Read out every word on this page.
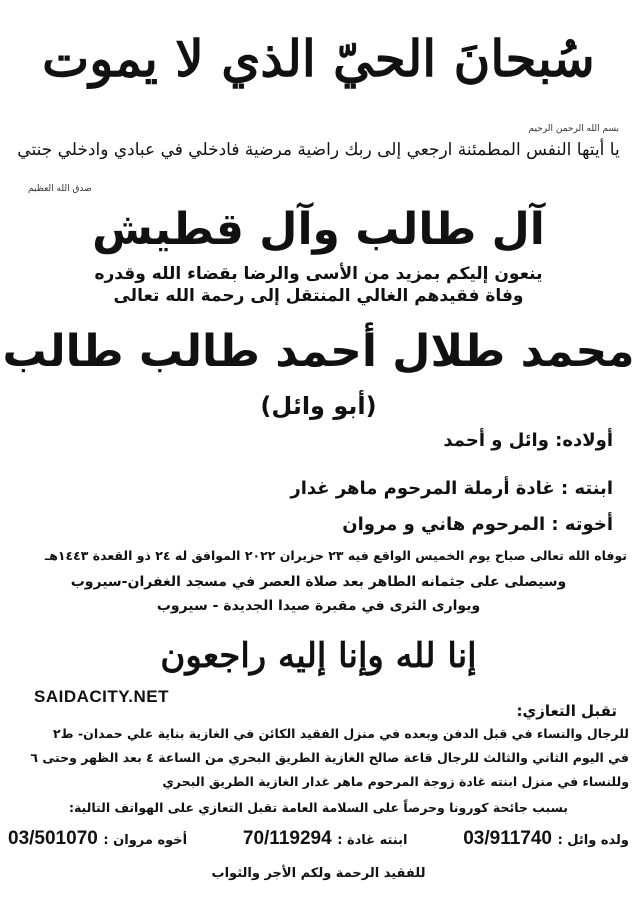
سُبحانَ الحيّ الذي لا يموت
بسم الله الرحمن الرحيم
يا أيتها النفس المطمئنة ارجعي إلى ربك راضية مرضية فادخلي في عبادي وادخلي جنتي
صدق الله العظيم
آل طالب وآل قطيش
ينعون إليكم بمزيد من الأسى والرضا بقضاء الله وقدره
وفاة فقيدهم الغالي المنتقل إلى رحمة الله تعالى
محمد طلال أحمد طالب طالب
(أبو وائل)
أولاده: وائل و أحمد
ابنته : غادة أرملة المرحوم ماهر غدار
أخوته : المرحوم هاني و مروان
توفاه الله تعالى صباح يوم الخميس الواقع فيه ٢٣ حزيران ٢٠٢٢ الموافق له ٢٤ ذو القعدة ١٤٤٣هـ
وسيصلى على جثمانه الطاهر بعد صلاة العصر في مسجد الغفران-سيروب
ويوارى الثرى في مقبرة صيدا الجديدة - سيروب
إنا لله وإنا إليه راجعون
SAIDACITY.NET
تقبل التعازي:
للرجال والنساء في قبل الدفن وبعده في منزل الفقيد الكائن في الغازية بناية علي حمدان- ط٢
في اليوم الثاني والثالث للرجال قاعة صالح الغازية الطريق البحري من الساعة ٤ بعد الظهر وحتى ٦
وللنساء في منزل ابنته غادة زوجة المرحوم ماهر غدار الغازية الطريق البحري
بسبب جائحة كورونا وحرصاً على السلامة العامة تقبل التعازي على الهواتف التالية:
ولده وائل : 03/911740
ابنته غادة : 70/119294
أخوه مروان : 03/501070
للفقيد الرحمة ولكم الأجر والثواب
